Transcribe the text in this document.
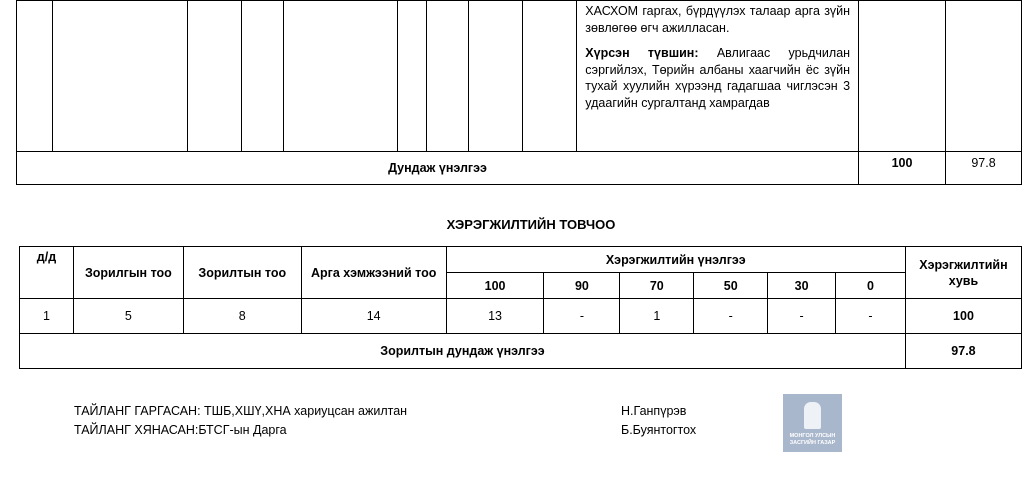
									ХАСХОМ гаргах, бүрдүүлэх талаар арга зүйн зөвлөгөө өгч ажилласан.

Хүрсэн түвшин: Авлигаас урьдчилан сэргийлэх, Төрийн албаны хаагчийн ёс зүйн тухай хуулийн хүрээнд гадагшаа чиглэсэн 3 удаагийн сургалтанд хамрагдав		

Дундаж үнэлгээ										100	97.8
ХЭРЭГЖИЛТИЙН ТОВЧОО
д/д	Зорилгын тоо	Зорилтын тоо	Арга хэмжээний тоо	Хэрэгжилтийн үнэлгээ						Хэрэгжилтийн хувь
				100	90	70	50	30	0	
1	5	8	14	13	-	1	-	-	-	100
Зорилтын дундаж үнэлгээ										97.8
ТАЙЛАНГ ГАРГАСАН: ТШБ,ХШҮ,ХНА хариуцсан ажилтан
ТАЙЛАНГ ХЯНАСАН:БТСГ-ын Дарга
Н.Ганпүрэв
Б.Буянтогтох	МОНГОЛ УЛСЫН ЗАСГИЙН ГАЗАР
